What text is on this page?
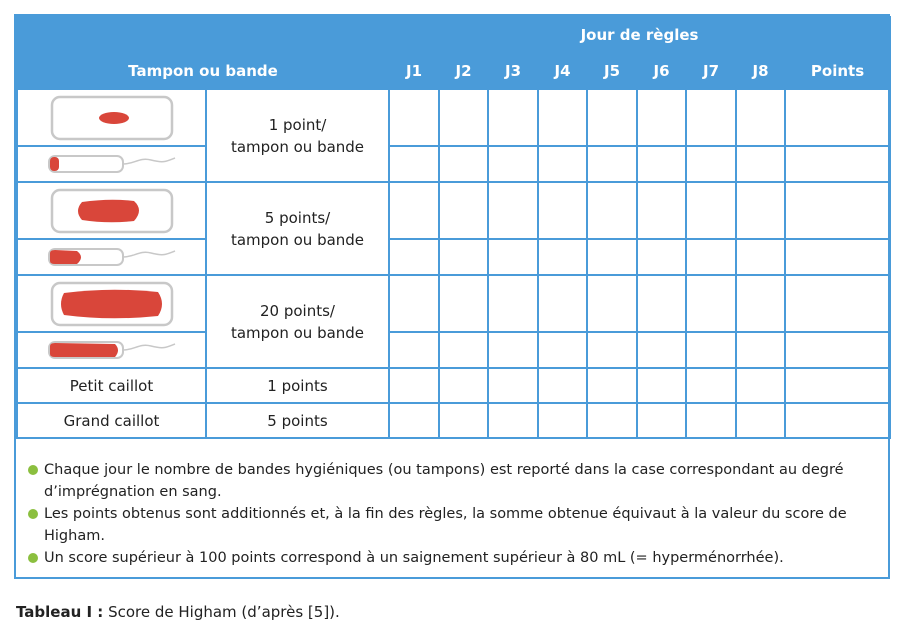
		Jour de règles								
Tampon ou bande		J1	J2	J3	J4	J5	J6	J7	J8	Points

1 point/
tampon ou bande									

5 points/
tampon ou bande									

20 points/
tampon ou bande									

Petit caillot	1 points									
Grand caillot	5 points									
Chaque jour le nombre de bandes hygiéniques (ou tampons) est reporté dans la case correspondant au degré d’imprégnation en sang.
Les points obtenus sont additionnés et, à la fin des règles, la somme obtenue équivaut à la valeur du score de Higham.
Un score supérieur à 100 points correspond à un saignement supérieur à 80 mL (= hyperménorrhée).
Tableau I : Score de Higham (d’après [5]).
